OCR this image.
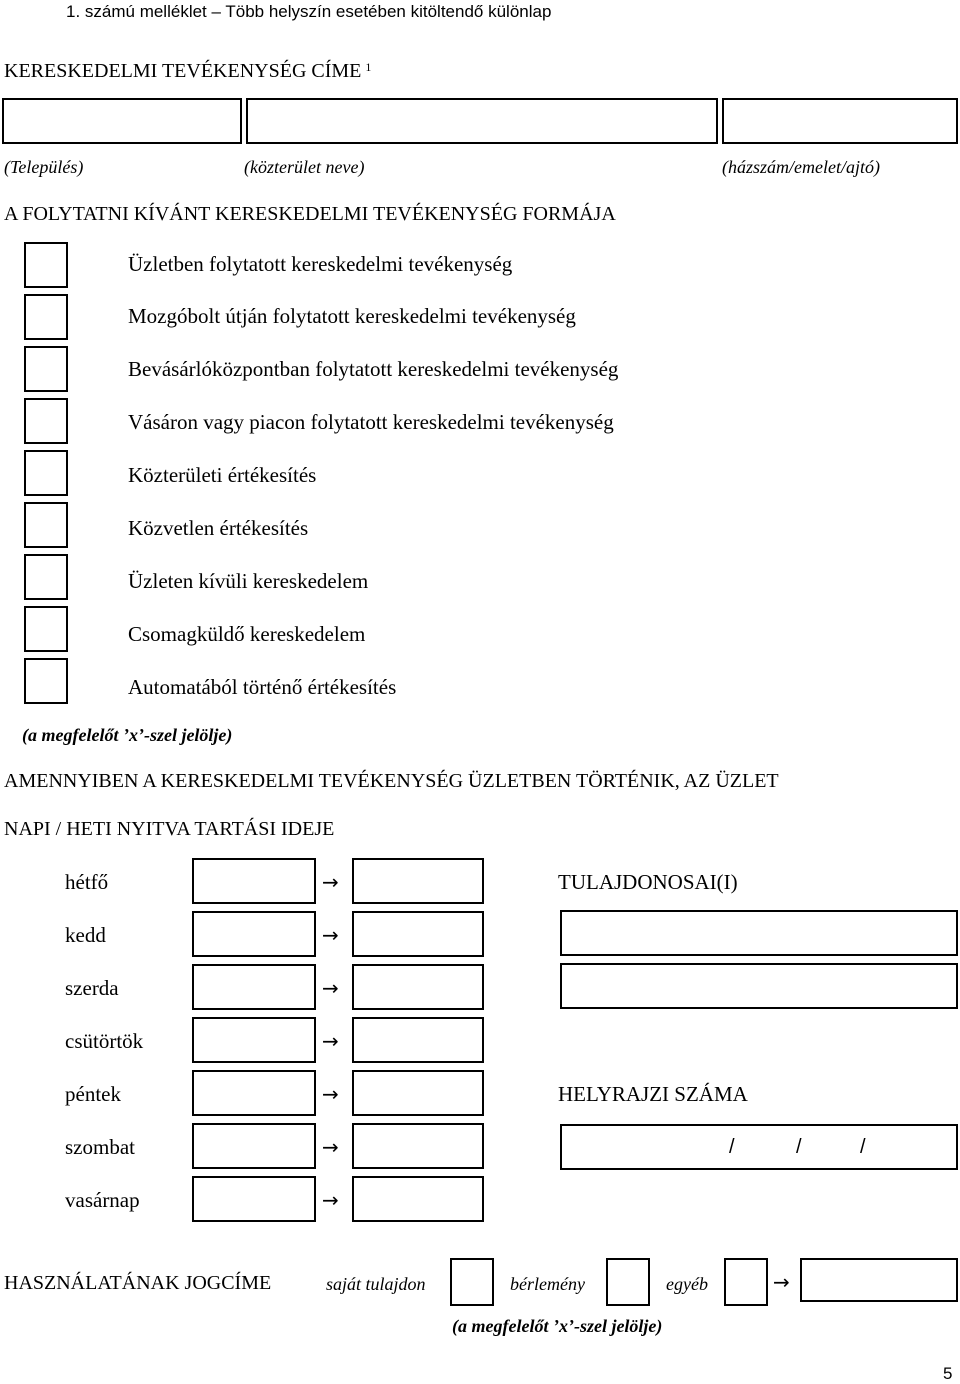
1. számú melléklet – Több helyszín esetében kitöltendő különlap
KERESKEDELMI TEVÉKENYSÉG CÍME $^1$
(Település)	(közterület neve)	(házszám/emelet/ajtó)
A FOLYTATNI KÍVÁNT KERESKEDELMI TEVÉKENYSÉG FORMÁJA
Üzletben folytatott kereskedelmi tevékenység
Mozgóbolt útján folytatott kereskedelmi tevékenység
Bevásárlóközpontban folytatott kereskedelmi tevékenység
Vásáron vagy piacon folytatott kereskedelmi tevékenység
Közterületi értékesítés
Közvetlen értékesítés
Üzleten kívüli kereskedelem
Csomagküldő kereskedelem
Automatából történő értékesítés
(a megfelelőt ’x’-szel jelölje)
AMENNYIBEN A KERESKEDELMI TEVÉKENYSÉG ÜZLETBEN TÖRTÉNIK, AZ ÜZLET
NAPI / HETI NYITVA TARTÁSI IDEJE
hétfő	→
kedd	→
szerda	→
csütörtök	→
péntek	→
szombat	→
vasárnap	→
TULAJDONOSAI(I)
HELYRAJZI SZÁMA
/	/	/
HASZNÁLATÁNAK JOGCÍME	saját tulajdon	bérlemény	egyéb	→
(a megfelelőt ’x’-szel jelölje)
5
